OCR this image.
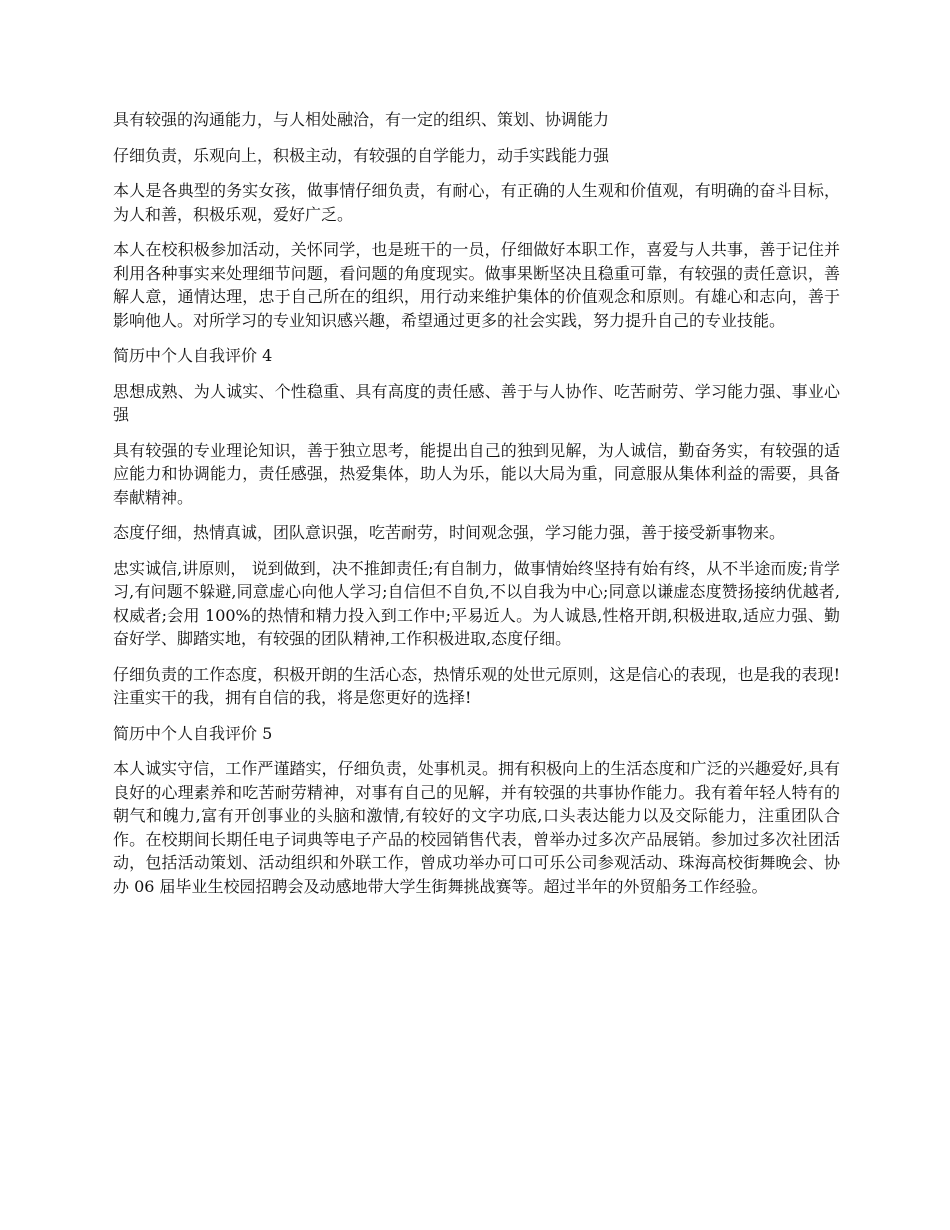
具有较强的沟通能力，与人相处融洽，有一定的组织、策划、协调能力

仔细负责，乐观向上，积极主动，有较强的自学能力，动手实践能力强

本人是各典型的务实女孩，做事情仔细负责，有耐心，有正确的人生观和价值观，有明确的奋斗目标，为人和善，积极乐观，爱好广乏。

本人在校积极参加活动，关怀同学，也是班干的一员，仔细做好本职工作，喜爱与人共事，善于记住并利用各种事实来处理细节问题，看问题的角度现实。做事果断坚决且稳重可靠，有较强的责任意识，善解人意，通情达理，忠于自己所在的组织，用行动来维护集体的价值观念和原则。有雄心和志向，善于影响他人。对所学习的专业知识感兴趣，希望通过更多的社会实践，努力提升自己的专业技能。

简历中个人自我评价 4

思想成熟、为人诚实、个性稳重、具有高度的责任感、善于与人协作、吃苦耐劳、学习能力强、事业心强

具有较强的专业理论知识，善于独立思考，能提出自己的独到见解，为人诚信，勤奋务实，有较强的适应能力和协调能力，责任感强，热爱集体，助人为乐，能以大局为重，同意服从集体利益的需要，具备奉献精神。

态度仔细，热情真诚，团队意识强，吃苦耐劳，时间观念强，学习能力强，善于接受新事物来。

忠实诚信,讲原则， 说到做到，决不推卸责任;有自制力，做事情始终坚持有始有终，从不半途而废;肯学习,有问题不躲避,同意虚心向他人学习;自信但不自负,不以自我为中心;同意以谦虚态度赞扬接纳优越者,权威者;会用 100%的热情和精力投入到工作中;平易近人。为人诚恳,性格开朗,积极进取,适应力强、勤奋好学、脚踏实地，有较强的团队精神,工作积极进取,态度仔细。

仔细负责的工作态度，积极开朗的生活心态，热情乐观的处世元原则，这是信心的表现，也是我的表现!注重实干的我，拥有自信的我，将是您更好的选择!

简历中个人自我评价 5

本人诚实守信，工作严谨踏实，仔细负责，处事机灵。拥有积极向上的生活态度和广泛的兴趣爱好,具有良好的心理素养和吃苦耐劳精神，对事有自己的见解，并有较强的共事协作能力。我有着年轻人特有的朝气和魄力,富有开创事业的头脑和激情,有较好的文字功底,口头表达能力以及交际能力，注重团队合作。在校期间长期任电子词典等电子产品的校园销售代表，曾举办过多次产品展销。参加过多次社团活动，包括活动策划、活动组织和外联工作，曾成功举办可口可乐公司参观活动、珠海高校街舞晚会、协办 06 届毕业生校园招聘会及动感地带大学生街舞挑战赛等。超过半年的外贸船务工作经验。
